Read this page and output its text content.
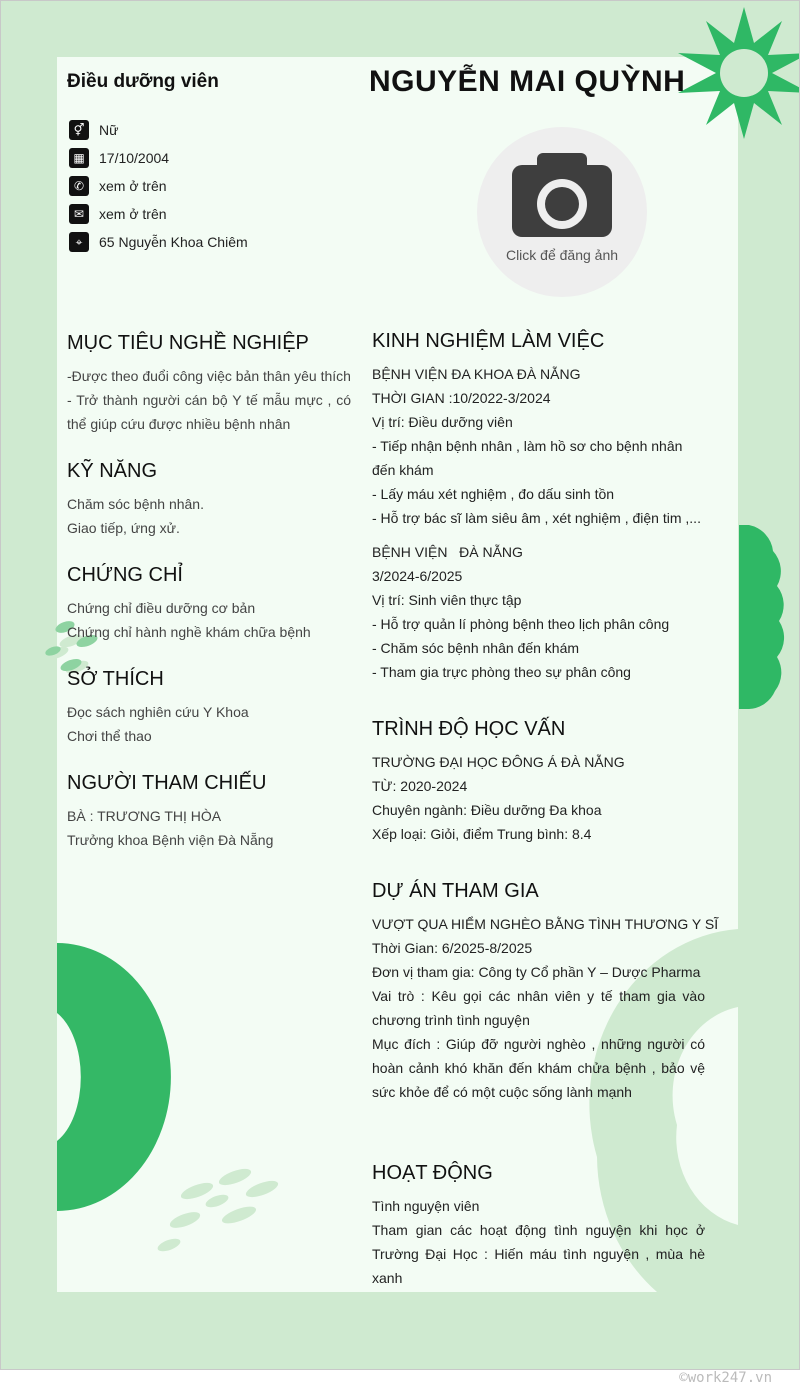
Điều dưỡng viên	NGUYỄN MAI QUỲNH
⚥	Nữ
▦	17/10/2004
✆	xem ở trên
✉	xem ở trên
⌖	65 Nguyễn Khoa Chiêm
Click để đăng ảnh
MỤC TIÊU NGHỀ NGHIỆP
-Được theo đuổi công việc bản thân yêu thích
- Trở thành người cán bộ Y tế mẫu mực , có thể giúp cứu được nhiều bệnh nhân
KỸ NĂNG
Chăm sóc bệnh nhân.
Giao tiếp, ứng xử.
CHỨNG CHỈ
Chứng chỉ điều dưỡng cơ bản
Chứng chỉ hành nghề khám chữa bệnh
SỞ THÍCH
Đọc sách nghiên cứu Y Khoa
Chơi thể thao
NGƯỜI THAM CHIẾU
BÀ : TRƯƠNG THỊ HÒA
Trưởng khoa Bệnh viện Đà Nẵng
KINH NGHIỆM LÀM VIỆC
BỆNH VIỆN ĐA KHOA ĐÀ NẴNG
THỜI GIAN :10/2022-3/2024
Vị trí: Điều dưỡng viên
- Tiếp nhận bệnh nhân , làm hồ sơ cho bệnh nhân đến khám
- Lấy máu xét nghiệm , đo dấu sinh tồn
- Hỗ trợ bác sĩ làm siêu âm , xét nghiệm , điện tim ,...
BỆNH VIỆN   ĐÀ NẴNG
3/2024-6/2025
Vị trí: Sinh viên thực tập
- Hỗ trợ quản lí phòng bệnh theo lịch phân công
- Chăm sóc bệnh nhân đến khám
- Tham gia trực phòng theo sự phân công
TRÌNH ĐỘ HỌC VẤN
TRƯỜNG ĐẠI HỌC ĐÔNG Á ĐÀ NẴNG
TỪ: 2020-2024
Chuyên ngành: Điều dưỡng Đa khoa
Xếp loại: Giỏi, điểm Trung bình: 8.4
DỰ ÁN THAM GIA
VƯỢT QUA HIỂM NGHÈO BẰNG TÌNH THƯƠNG Y SĨ
Thời Gian: 6/2025-8/2025
Đơn vị tham gia: Công ty Cổ phần Y – Dược Pharma
Vai trò : Kêu gọi các nhân viên y tế tham gia vào chương trình tình nguyện
Mục đích : Giúp đỡ người nghèo , những người có hoàn cảnh khó khăn đến khám chửa bệnh , bảo vệ sức khỏe để có một cuộc sống lành mạnh
HOẠT ĐỘNG
Tình nguyện viên
Tham gian các hoạt động tình nguyện khi học ở Trường Đại Học : Hiến máu tình nguyện , mùa hè xanh
©work247.vn
